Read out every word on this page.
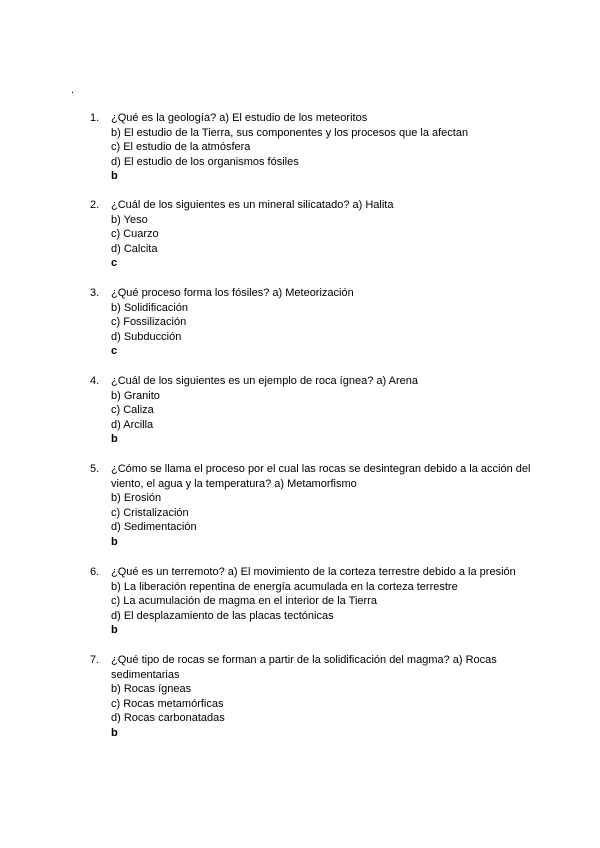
.
1. ¿Qué es la geología? a) El estudio de los meteoritos
b) El estudio de la Tierra, sus componentes y los procesos que la afectan
c) El estudio de la atmósfera
d) El estudio de los organismos fósiles
b
2. ¿Cuál de los siguientes es un mineral silicatado? a) Halita
b) Yeso
c) Cuarzo
d) Calcita
c
3. ¿Qué proceso forma los fósiles? a) Meteorización
b) Solidificación
c) Fossilización
d) Subducción
c
4. ¿Cuál de los siguientes es un ejemplo de roca ígnea? a) Arena
b) Granito
c) Caliza
d) Arcilla
b
5. ¿Cómo se llama el proceso por el cual las rocas se desintegran debido a la acción del viento, el agua y la temperatura? a) Metamorfismo
b) Erosión
c) Cristalización
d) Sedimentación
b
6. ¿Qué es un terremoto? a) El movimiento de la corteza terrestre debido a la presión
b) La liberación repentina de energía acumulada en la corteza terrestre
c) La acumulación de magma en el interior de la Tierra
d) El desplazamiento de las placas tectónicas
b
7. ¿Qué tipo de rocas se forman a partir de la solidificación del magma? a) Rocas sedimentarias
b) Rocas ígneas
c) Rocas metamórficas
d) Rocas carbonatadas
b
